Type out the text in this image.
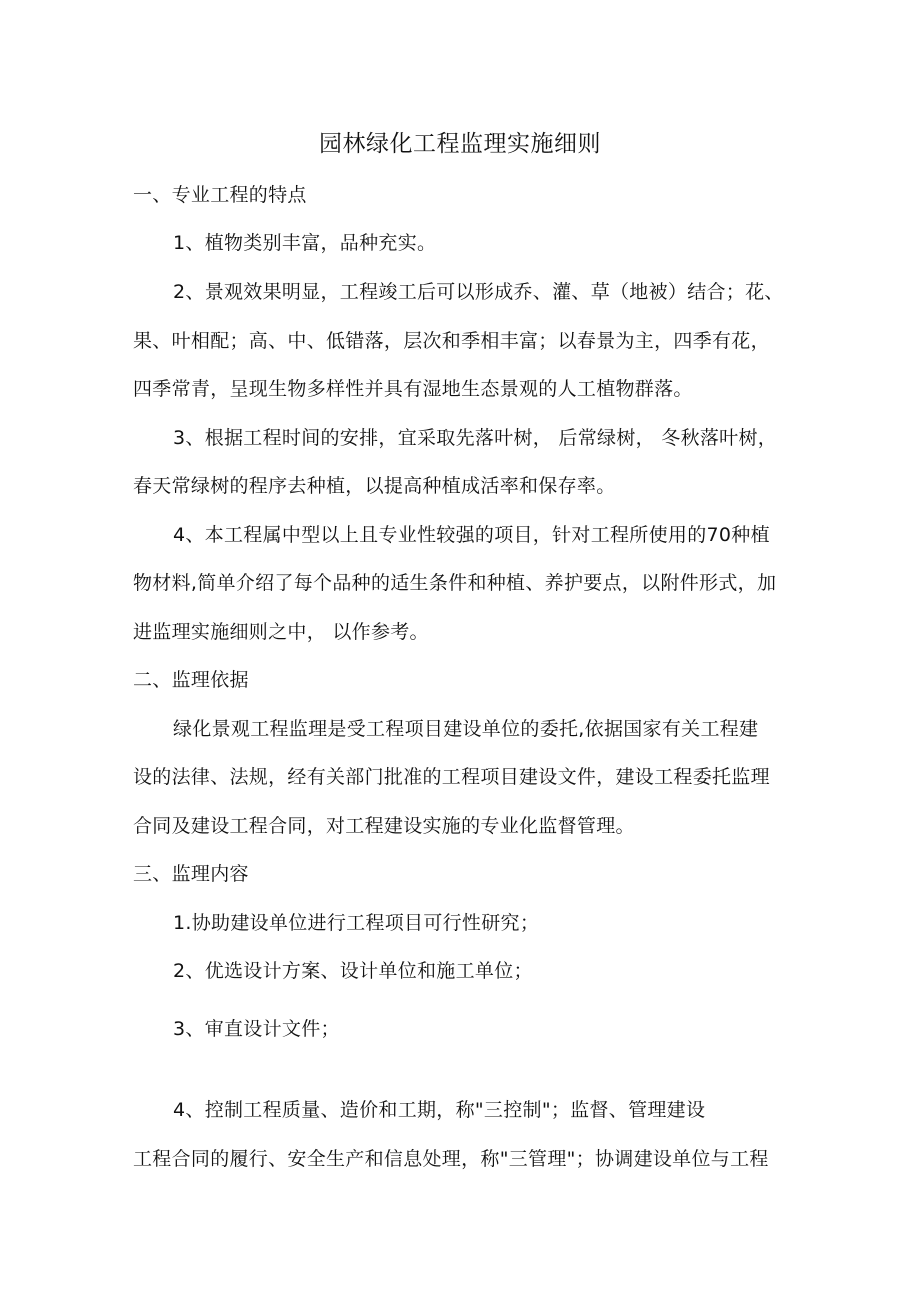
园林绿化工程监理实施细则
一、专业工程的特点
1、植物类别丰富，品种充实。
2、景观效果明显，工程竣工后可以形成乔、灌、草（地被）结合；花、
果、叶相配；高、中、低错落，层次和季相丰富；以春景为主，四季有花，
四季常青，呈现生物多样性并具有湿地生态景观的人工植物群落。
3、根据工程时间的安排，宜采取先落叶树， 后常绿树， 冬秋落叶树，
春天常绿树的程序去种植，以提高种植成活率和保存率。
4、本工程属中型以上且专业性较强的项目，针对工程所使用的70种植
物材料,简单介绍了每个品种的适生条件和种植、养护要点，以附件形式，加
进监理实施细则之中， 以作参考。
二、监理依据
绿化景观工程监理是受工程项目建设单位的委托,依据国家有关工程建
设的法律、法规，经有关部门批准的工程项目建设文件，建设工程委托监理
合同及建设工程合同，对工程建设实施的专业化监督管理。
三、监理内容
1.协助建设单位进行工程项目可行性研究；
2、优选设计方案、设计单位和施工单位；
3、审直设计文件；
4、控制工程质量、造价和工期，称"三控制"；监督、管理建设
工程合同的履行、安全生产和信息处理，称"三管理"；协调建设单位与工程
